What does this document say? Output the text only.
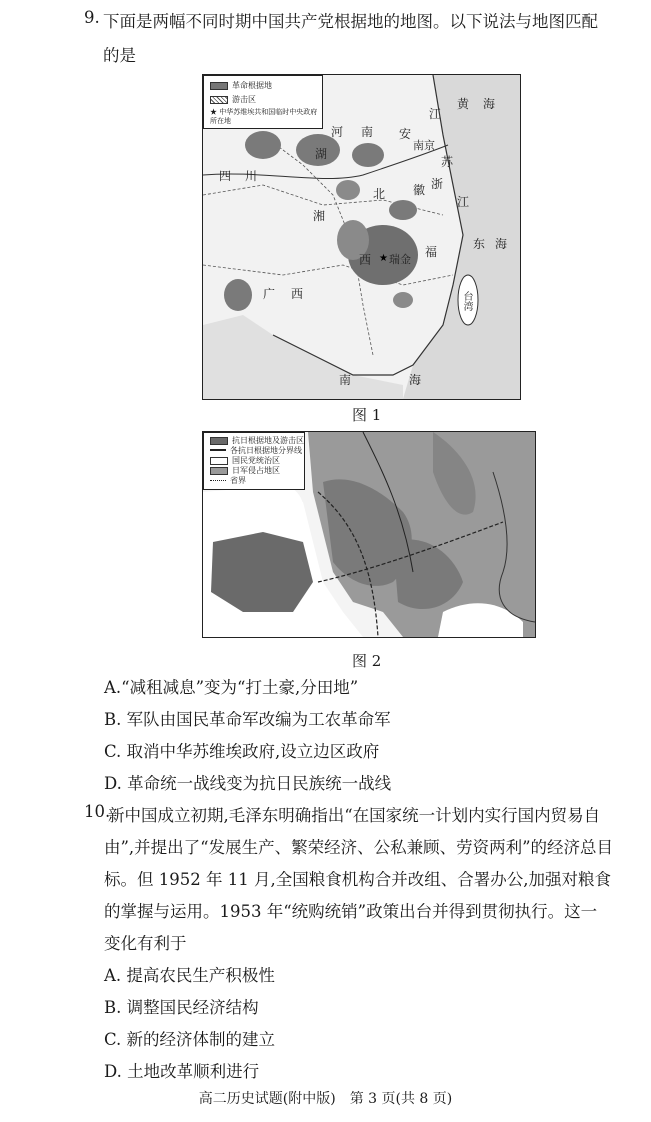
9. 下面是两幅不同时期中国共产党根据地的地图。以下说法与地图匹配
的是
★
革命根据地
游击区
★ 中华苏维埃共和国临时中央政府所在地
黄 海
江
苏
河 南 安
南京
四 川
湖
北 徽 浙
江
瑞金
福
东 海
湘
西
广 西	台湾
南	海
图 1
抗日根据地及游击区
各抗日根据地分界线
国民党统治区
日军侵占地区
省界
图 2
A.“减租减息”变为“打土豪,分田地”
B. 军队由国民革命军改编为工农革命军
C. 取消中华苏维埃政府,设立边区政府
D. 革命统一战线变为抗日民族统一战线
10.
新中国成立初期,毛泽东明确指出“在国家统一计划内实行国内贸易自
由”,并提出了“发展生产、繁荣经济、公私兼顾、劳资两利”的经济总目
标。但 1952 年 11 月,全国粮食机构合并改组、合署办公,加强对粮食
的掌握与运用。1953 年“统购统销”政策出台并得到贯彻执行。这一
变化有利于
A. 提高农民生产积极性
B. 调整国民经济结构
C. 新的经济体制的建立
D. 土地改革顺利进行
高二历史试题(附中版)　第 3 页(共 8 页)
